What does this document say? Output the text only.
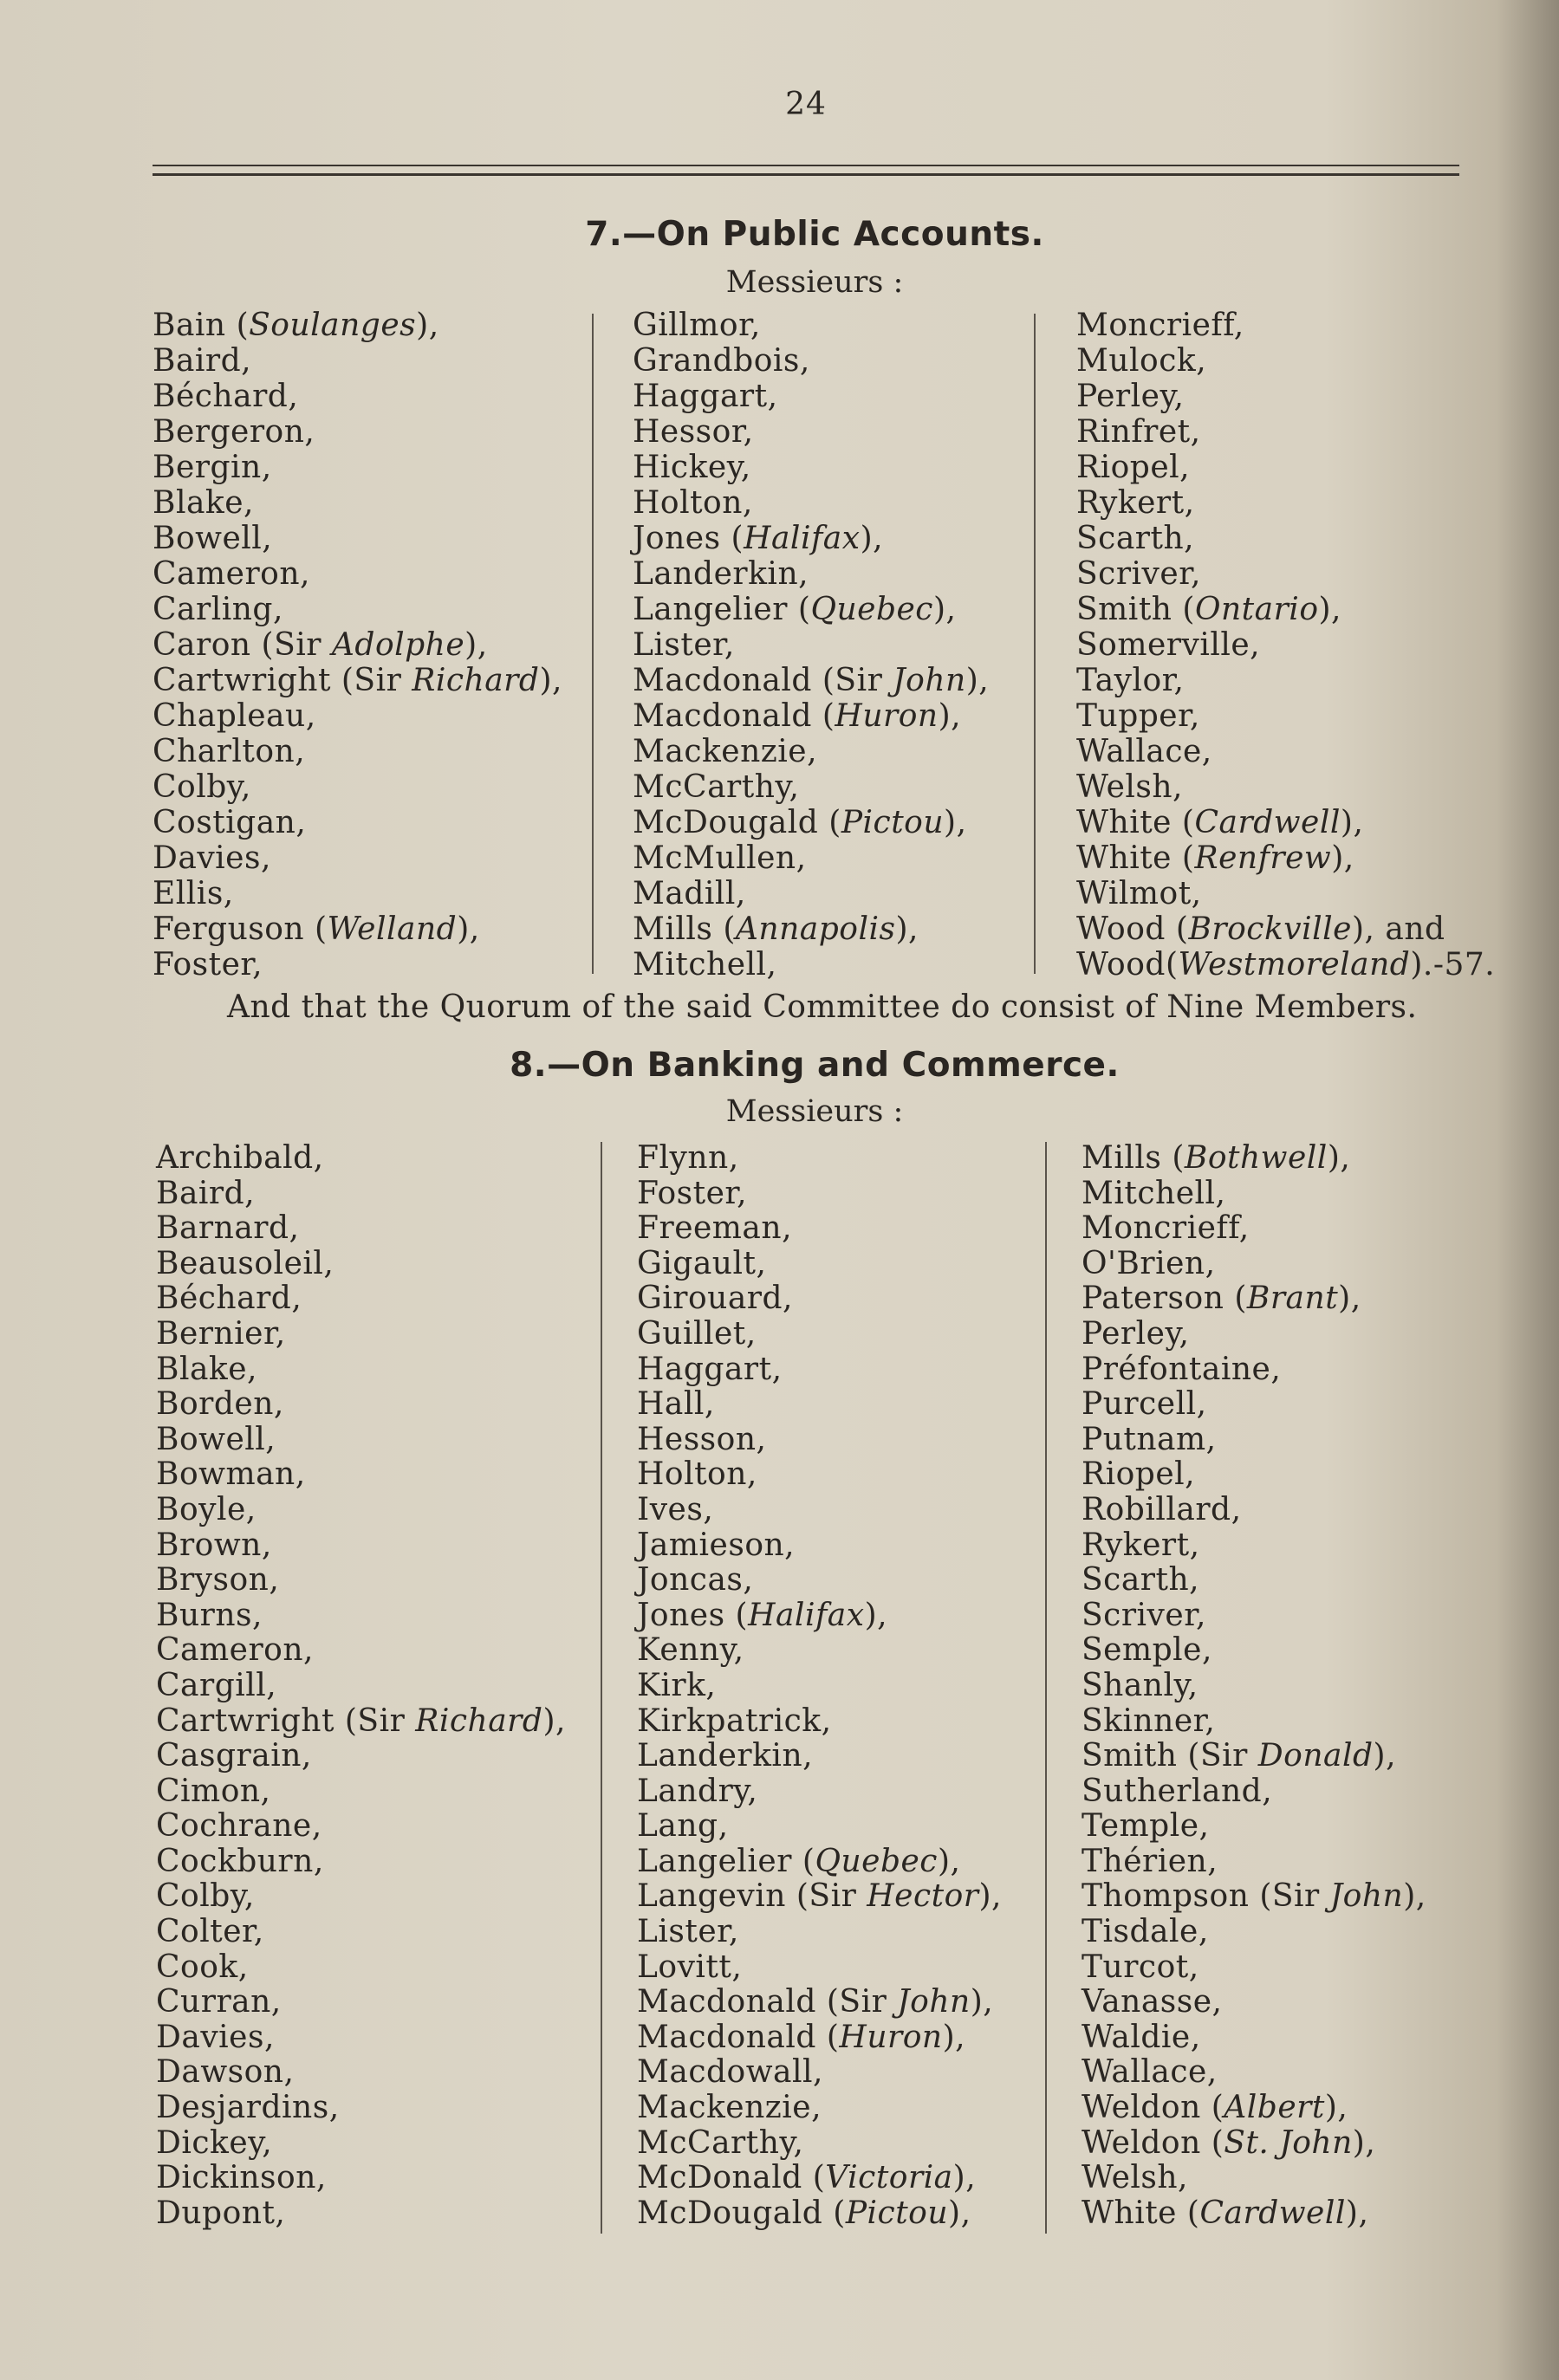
24
7.—On Public Accounts.
Messieurs :
Bain (Soulanges),
Baird,
Béchard,
Bergeron,
Bergin,
Blake,
Bowell,
Cameron,
Carling,
Caron (Sir Adolphe),
Cartwright (Sir Richard),
Chapleau,
Charlton,
Colby,
Costigan,
Davies,
Ellis,
Ferguson (Welland),
Foster,
Gillmor,
Grandbois,
Haggart,
Hessor,
Hickey,
Holton,
Jones (Halifax),
Landerkin,
Langelier (Quebec),
Lister,
Macdonald (Sir John),
Macdonald (Huron),
Mackenzie,
McCarthy,
McDougald (Pictou),
McMullen,
Madill,
Mills (Annapolis),
Mitchell,
Moncrieff,
Mulock,
Perley,
Rinfret,
Riopel,
Rykert,
Scarth,
Scriver,
Smith (Ontario),
Somerville,
Taylor,
Tupper,
Wallace,
Welsh,
White (Cardwell),
White (Renfrew),
Wilmot,
Wood (Brockville), and
Wood(Westmoreland).-57.
And that the Quorum of the said Committee do consist of Nine Members.
8.—On Banking and Commerce.
Messieurs :
Archibald,
Baird,
Barnard,
Beausoleil,
Béchard,
Bernier,
Blake,
Borden,
Bowell,
Bowman,
Boyle,
Brown,
Bryson,
Burns,
Cameron,
Cargill,
Cartwright (Sir Richard),
Casgrain,
Cimon,
Cochrane,
Cockburn,
Colby,
Colter,
Cook,
Curran,
Davies,
Dawson,
Desjardins,
Dickey,
Dickinson,
Dupont,
Flynn,
Foster,
Freeman,
Gigault,
Girouard,
Guillet,
Haggart,
Hall,
Hesson,
Holton,
Ives,
Jamieson,
Joncas,
Jones (Halifax),
Kenny,
Kirk,
Kirkpatrick,
Landerkin,
Landry,
Lang,
Langelier (Quebec),
Langevin (Sir Hector),
Lister,
Lovitt,
Macdonald (Sir John),
Macdonald (Huron),
Macdowall,
Mackenzie,
McCarthy,
McDonald (Victoria),
McDougald (Pictou),
Mills (Bothwell),
Mitchell,
Moncrieff,
O'Brien,
Paterson (Brant),
Perley,
Préfontaine,
Purcell,
Putnam,
Riopel,
Robillard,
Rykert,
Scarth,
Scriver,
Semple,
Shanly,
Skinner,
Smith (Sir Donald),
Sutherland,
Temple,
Thérien,
Thompson (Sir John),
Tisdale,
Turcot,
Vanasse,
Waldie,
Wallace,
Weldon (Albert),
Weldon (St. John),
Welsh,
White (Cardwell),
